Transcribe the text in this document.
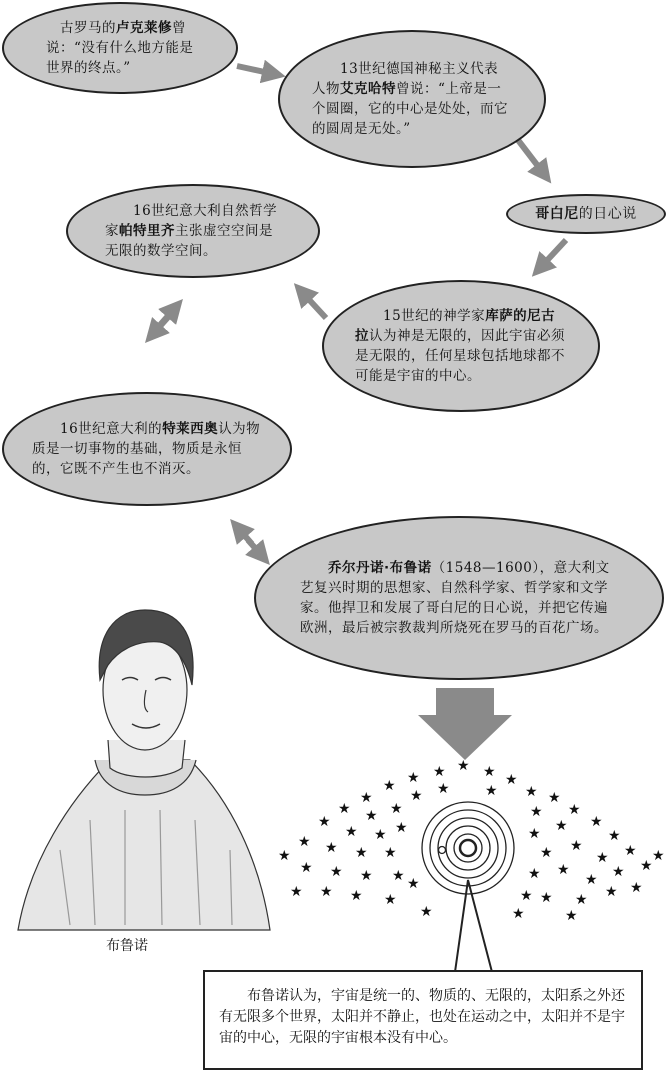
★ ★ ★
★	★
★
★ ★	★ ★ ★
★
★ ★ ★	★ ★
★
★
★ ★ ★	★ ★
★
★ ★ ★ ★	★ ★
★ ★
★
★ ★ ★ ★	★ ★
★ ★ ★
★ ★ ★ ★	★ ★ ★ ★
★
★	★	★
★
★
古罗马的卢克莱修曾说：“没有什么地方能是世界的终点。”	13世纪德国神秘主义代表人物艾克哈特曾说：“上帝是一个圆圈，它的中心是处处，而它的圆周是无处。”
哥白尼的日心说
16世纪意大利自然哲学家帕特里齐主张虚空空间是无限的数学空间。
15世纪的神学家库萨的尼古拉认为神是无限的，因此宇宙必须是无限的，任何星球包括地球都不可能是宇宙的中心。
16世纪意大利的特莱西奥认为物质是一切事物的基础，物质是永恒的，它既不产生也不消灭。
乔尔丹诺·布鲁诺（1548—1600），意大利文艺复兴时期的思想家、自然科学家、哲学家和文学家。他捍卫和发展了哥白尼的日心说，并把它传遍欧洲，最后被宗教裁判所烧死在罗马的百花广场。
布鲁诺
布鲁诺认为，宇宙是统一的、物质的、无限的，太阳系之外还有无限多个世界，太阳并不静止，也处在运动之中，太阳并不是宇宙的中心，无限的宇宙根本没有中心。
